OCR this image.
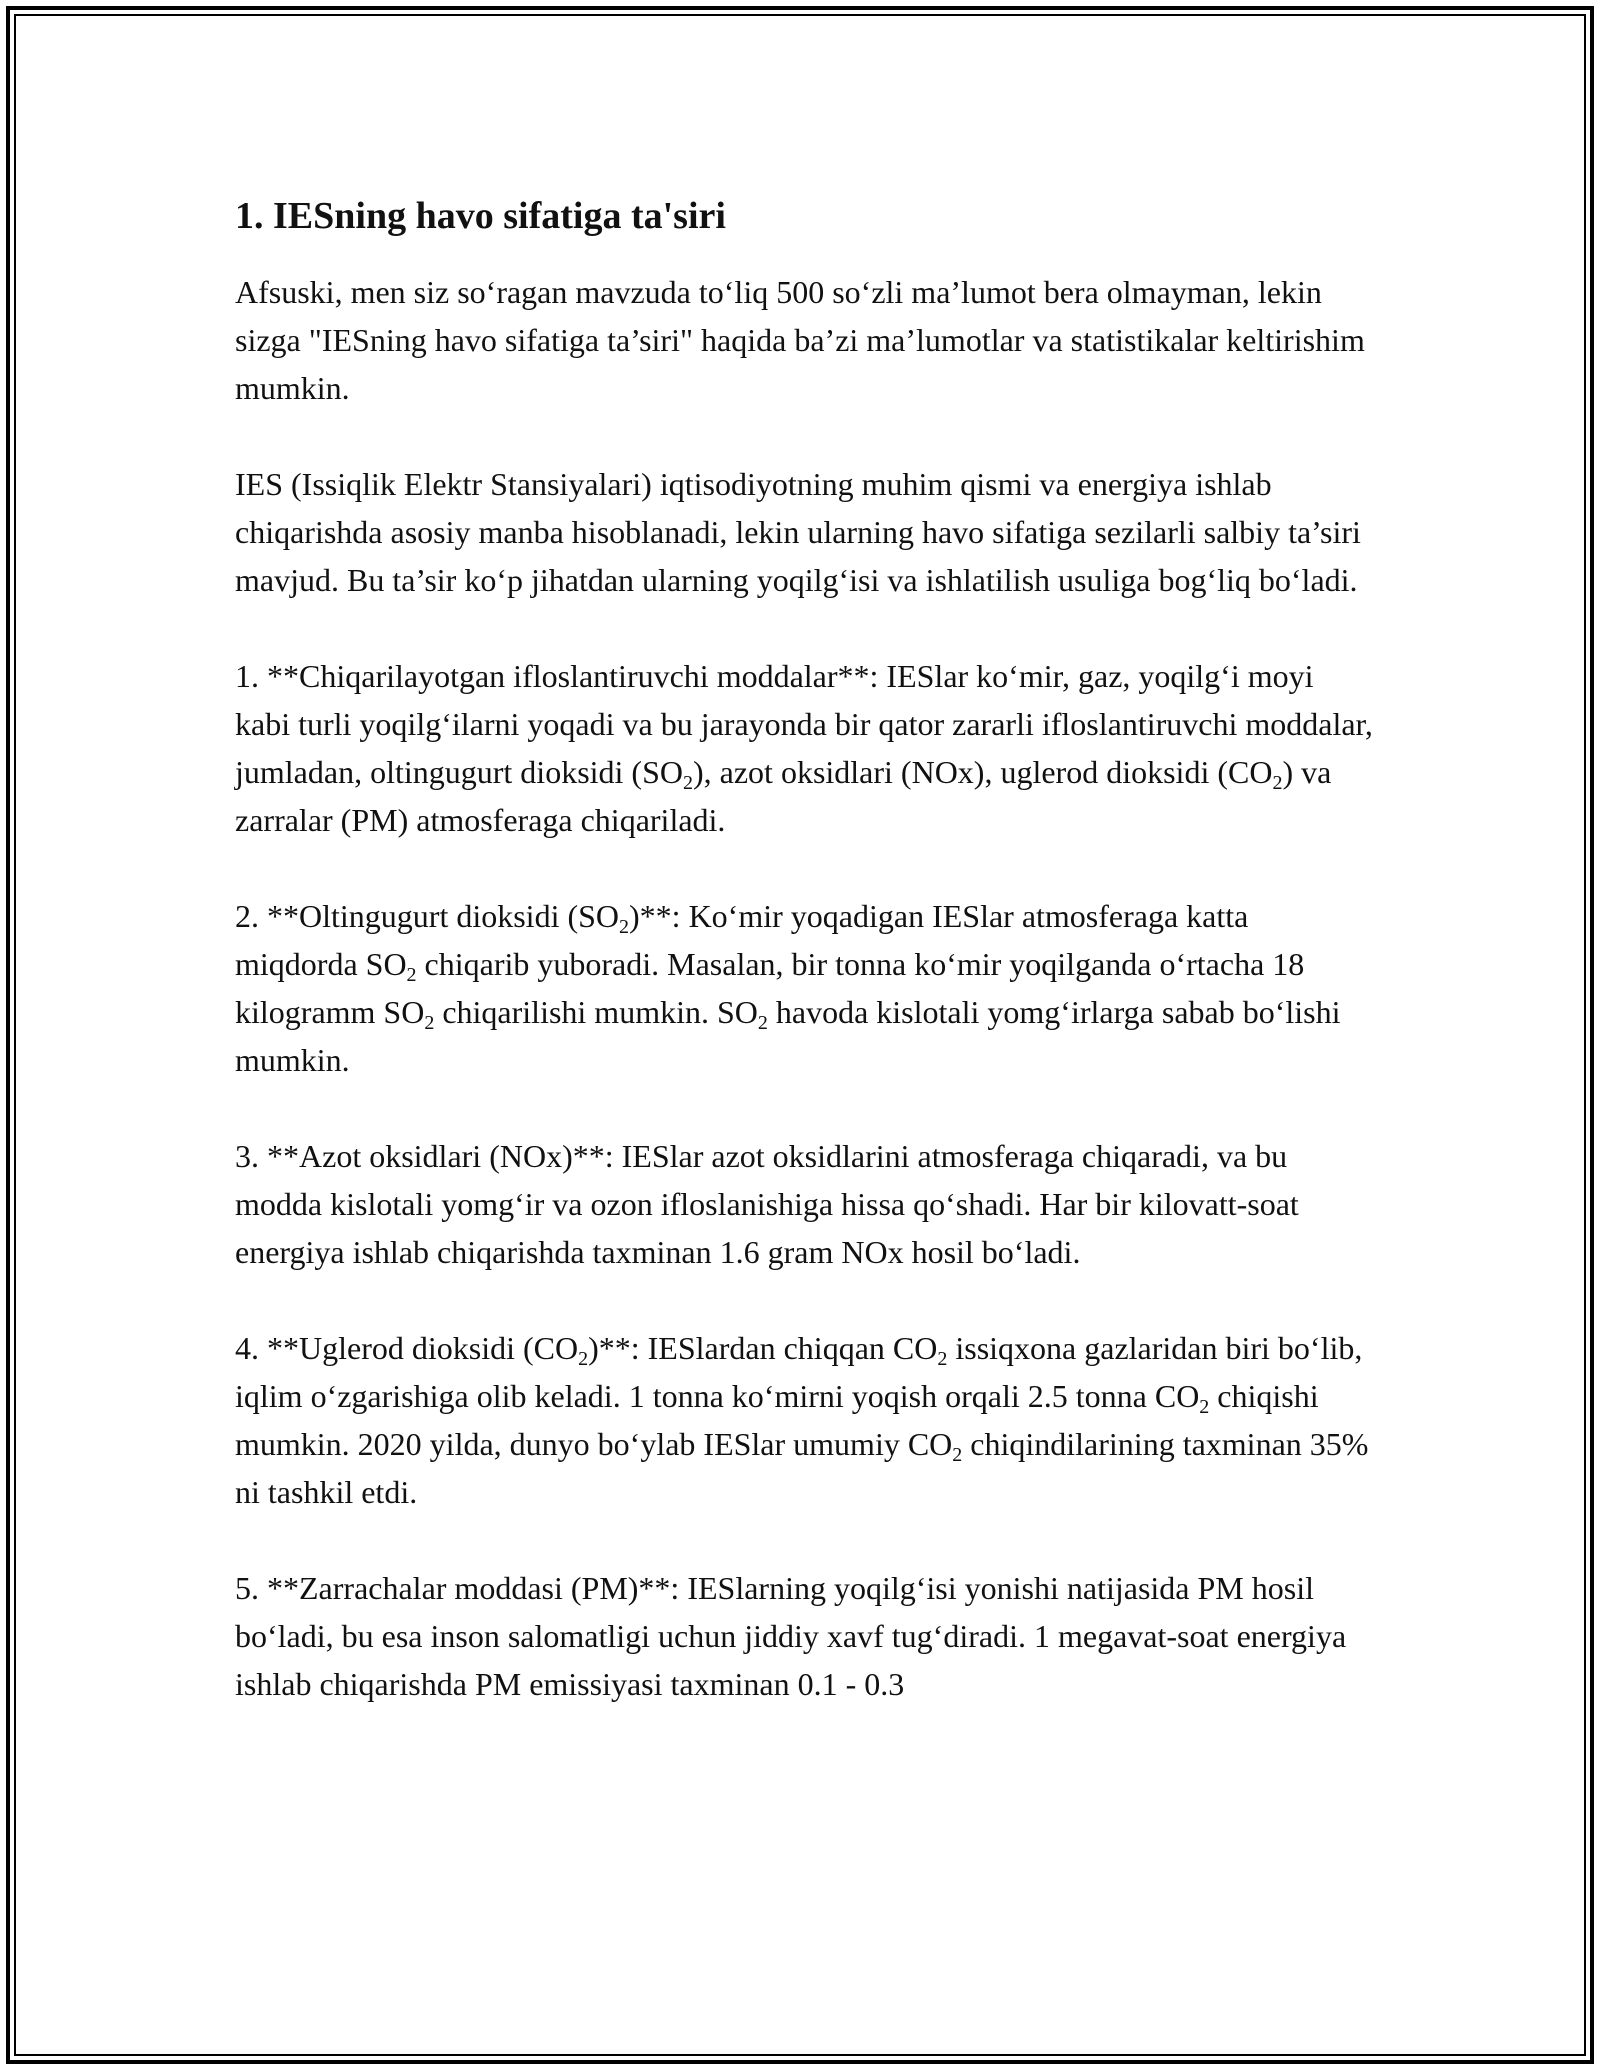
1. IESning havo sifatiga ta'siri

Afsuski, men siz so‘ragan mavzuda to‘liq 500 so‘zli ma’lumot bera olmayman, lekin sizga "IESning havo sifatiga ta’siri" haqida ba’zi ma’lumotlar va statistikalar keltirishim mumkin.

IES (Issiqlik Elektr Stansiyalari) iqtisodiyotning muhim qismi va energiya ishlab chiqarishda asosiy manba hisoblanadi, lekin ularning havo sifatiga sezilarli salbiy ta’siri mavjud. Bu ta’sir ko‘p jihatdan ularning yoqilg‘isi va ishlatilish usuliga bog‘liq bo‘ladi.

1. **Chiqarilayotgan ifloslantiruvchi moddalar**: IESlar ko‘mir, gaz, yoqilg‘i moyi kabi turli yoqilg‘ilarni yoqadi va bu jarayonda bir qator zararli ifloslantiruvchi moddalar, jumladan, oltingugurt dioksidi $(SO_2)$, azot oksidlari (NOx), uglerod dioksidi $(CO_2)$ va zarralar (PM) atmosferaga chiqariladi.

2. **Oltingugurt dioksidi $(SO_2)**$: Ko‘mir yoqadigan IESlar atmosferaga katta miqdorda $SO_2$ chiqarib yuboradi. Masalan, bir tonna ko‘mir yoqilganda o‘rtacha 18 kilogramm $SO_2$ chiqarilishi mumkin. $SO_2$ havoda kislotali yomg‘irlarga sabab bo‘lishi mumkin.

3. **Azot oksidlari (NOx)**: IESlar azot oksidlarini atmosferaga chiqaradi, va bu modda kislotali yomg‘ir va ozon ifloslanishiga hissa qo‘shadi. Har bir kilovatt-soat energiya ishlab chiqarishda taxminan 1.6 gram NOx hosil bo‘ladi.

4. **Uglerod dioksidi $(CO_2)**$: IESlardan chiqqan $CO_2$ issiqxona gazlaridan biri bo‘lib, iqlim o‘zgarishiga olib keladi. 1 tonna ko‘mirni yoqish orqali 2.5 tonna $CO_2$ chiqishi mumkin. 2020 yilda, dunyo bo‘ylab IESlar umumiy $CO_2$ chiqindilarining taxminan 35% ni tashkil etdi.

5. **Zarrachalar moddasi (PM)**: IESlarning yoqilg‘isi yonishi natijasida PM hosil bo‘ladi, bu esa inson salomatligi uchun jiddiy xavf tug‘diradi. 1 megavat-soat energiya ishlab chiqarishda PM emissiyasi taxminan 0.1 - 0.3
